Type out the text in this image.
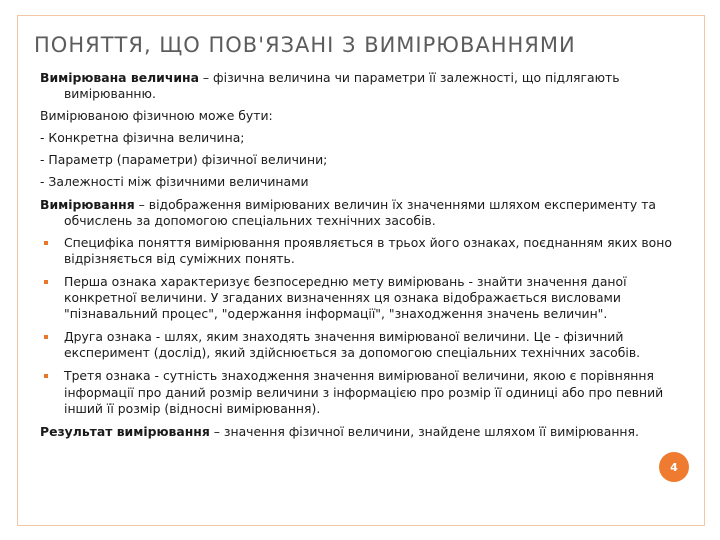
ПОНЯТТЯ, ЩО ПОВ'ЯЗАНІ З ВИМІРЮВАННЯМИ

Вимірювана величина – фізична величина чи параметри її залежності, що підлягають вимірюванню.

Вимірюваною фізичною може бути:

- Конкретна фізична величина;

- Параметр (параметри) фізичної величини;

- Залежності між фізичними величинами

Вимірювання – відображення вимірюваних величин їх значеннями шляхом експерименту та обчислень за допомогою спеціальних технічних засобів.

Специфіка поняття вимірювання проявляється в трьох його ознаках, поєднанням яких воно відрізняється від суміжних понять.
Перша ознака характеризує безпосередню мету вимірювань - знайти значення даної конкретної величини. У згаданих визначеннях ця ознака відображається висловами "пізнавальний процес", "одержання інформації", "знаходження значень величин".
Друга ознака - шлях, яким знаходять значення вимірюваної величини. Це - фізичний експеримент (дослід), який здійснюється за допомогою спеціальних технічних засобів.
Третя ознака - сутність знаходження значення вимірюваної величини, якою є порівняння інформації про даний розмір величини з інформацією про розмір її одиниці або про певний інший її розмір (відносні вимірювання).

Результат вимірювання – значення фізичної величини, знайдене шляхом її вимірювання.

4
